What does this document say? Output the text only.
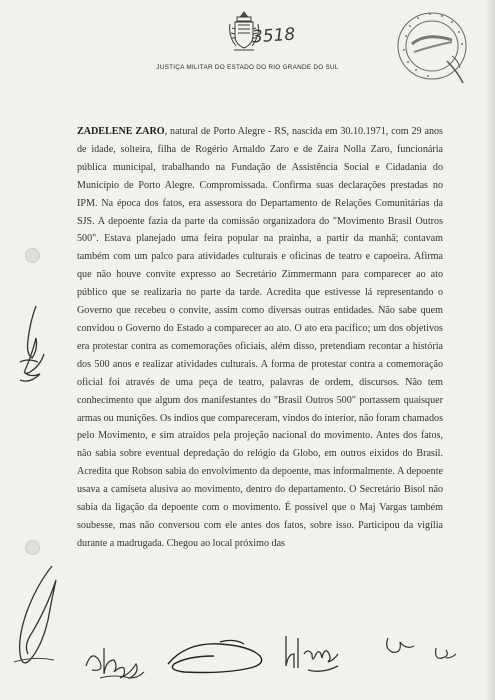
3518
JUSTIÇA MILITAR DO ESTADO DO RIO GRANDE DO SUL
ZADELENE ZARO, natural de Porto Alegre - RS, nascida em 30.10.1971, com 29 anos de idade, solteira, filha de Rogério Arnaldo Zaro e de Zaira Nolla Zaro, funcionária pública municipal, trabalhando na Fundação de Assistência Social e Cidadania do Município de Porto Alegre. Compromissada. Confirma suas declarações prestadas no IPM. Na época dos fatos, era assessora do Departamento de Relações Comunitárias da SJS. A depoente fazia da parte da comissão organizadora do "Movimento Brasil Outros 500". Estava planejado uma feira popular na prainha, a partir da manhã; contavam também com um palco para atividades culturais e oficinas de teatro e capoeira. Afirma que não houve convite expresso ao Secretário Zimmermann para comparecer ao ato público que se realizaria no parte da tarde. Acredita que estivesse lá representando o Governo que recebeu o convite, assim como diversas outras entidades. Não sabe quem convidou o Governo do Estado a comparecer ao ato. O ato era pacífico; um dos objetivos era protestar contra as comemorações oficiais, além disso, pretendiam recontar a história dos 500 anos e realizar atividades culturais. A forma de protestar contra a comemoração oficial foi através de uma peça de teatro, palavras de ordem, discursos. Não tem conhecimento que algum dos manifestantes do "Brasil Outros 500" portassem quaisquer armas ou munições. Os índios que compareceram, vindos do interior, não foram chamados pelo Movimento, e sim atraídos pela projeção nacional do movimento. Antes dos fatos, não sabia sobre eventual depredação do relógio da Globo, em outros eixidos do Brasil. Acredita que Robson sabia do envolvimento da depoente, mas informalmente. A depoente usava a camiseta alusiva ao movimento, dentro do departamento. O Secretário Bisol não sabia da ligação da depoente com o movimento. É possível que o Maj Vargas também soubesse, mas não conversou com ele antes dos fatos, sobre isso. Participou da vigília durante a madrugada. Chegou ao local próximo das
